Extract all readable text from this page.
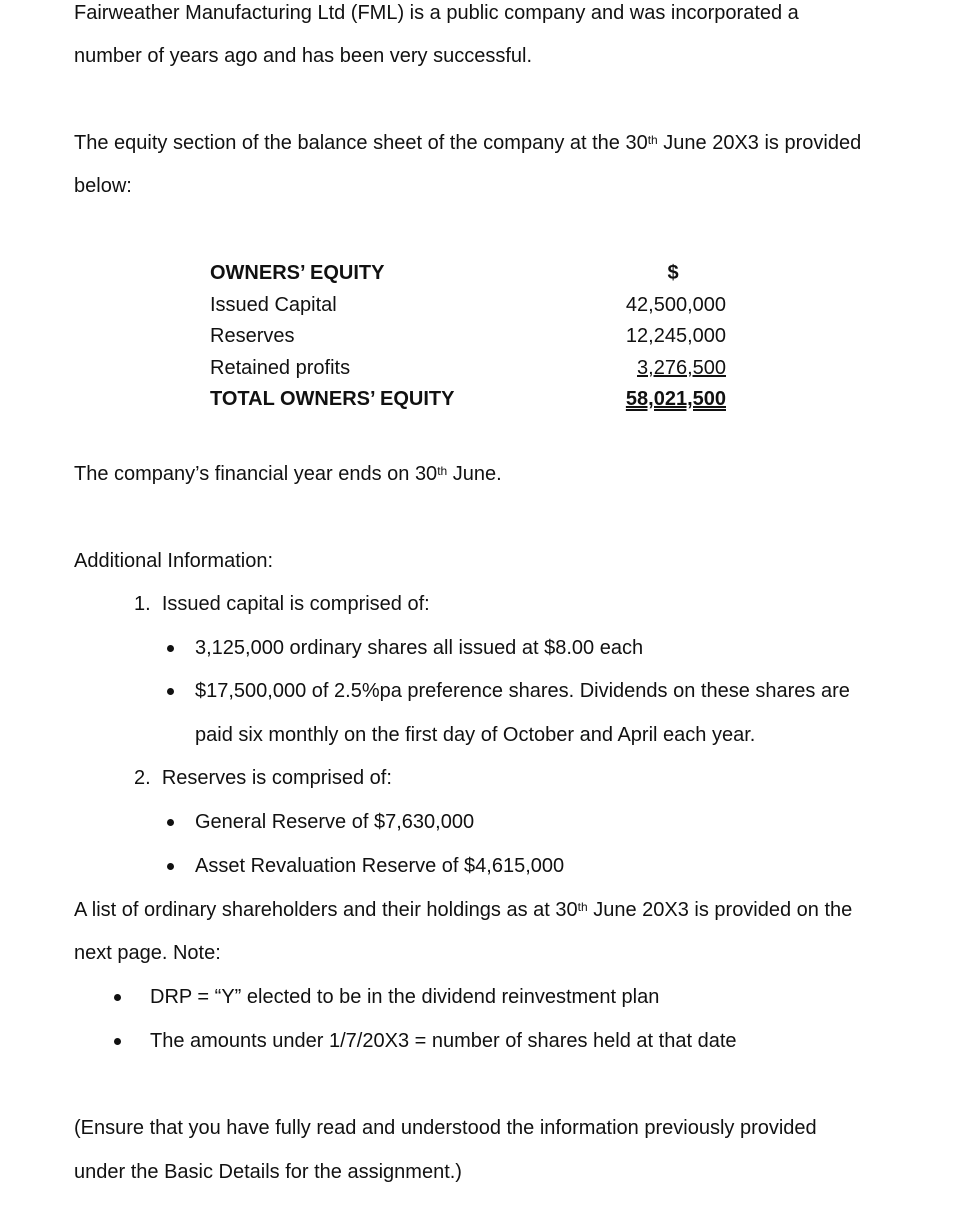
Fairweather Manufacturing Ltd (FML) is a public company and was incorporated a

number of years ago and has been very successful.

The equity section of the balance sheet of the company at the 30th June 20X3 is provided

below:

OWNERS’ EQUITY	$
Issued Capital	42,500,000
Reserves	12,245,000
Retained profits	3,276,500
TOTAL OWNERS’ EQUITY	58,021,500

The company’s financial year ends on 30th June.

Additional Information:

1. Issued capital is comprised of:
3,125,000 ordinary shares all issued at $8.00 each
$17,500,000 of 2.5%pa preference shares. Dividends on these shares are
paid six monthly on the first day of October and April each year.
2. Reserves is comprised of:
General Reserve of $7,630,000
Asset Revaluation Reserve of $4,615,000

A list of ordinary shareholders and their holdings as at 30th June 20X3 is provided on the

next page. Note:

DRP = “Y” elected to be in the dividend reinvestment plan
The amounts under 1/7/20X3 = number of shares held at that date

(Ensure that you have fully read and understood the information previously provided

under the Basic Details for the assignment.)
